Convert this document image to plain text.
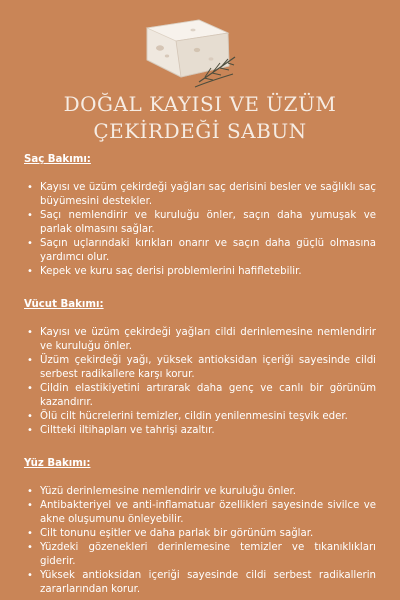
DOĞAL KAYISI VE ÜZÜM
ÇEKİRDEĞİ SABUN
Saç Bakımı:
• Kayısı ve üzüm çekirdeği yağları saç derisini besler ve sağlıklı saç büyümesini destekler.
• Saçı nemlendirir ve kuruluğu önler, saçın daha yumuşak ve parlak olmasını sağlar.
• Saçın uçlarındaki kırıkları onarır ve saçın daha güçlü olmasına yardımcı olur.
• Kepek ve kuru saç derisi problemlerini hafifletebilir.
Vücut Bakımı:
• Kayısı ve üzüm çekirdeği yağları cildi derinlemesine nemlendirir ve kuruluğu önler.
• Üzüm çekirdeği yağı, yüksek antioksidan içeriği sayesinde cildi serbest radikallere karşı korur.
• Cildin elastikiyetini artırarak daha genç ve canlı bir görünüm kazandırır.
• Ölü cilt hücrelerini temizler, cildin yenilenmesini teşvik eder.
• Ciltteki iltihapları ve tahrişi azaltır.
Yüz Bakımı:
• Yüzü derinlemesine nemlendirir ve kuruluğu önler.
• Antibakteriyel ve anti-inflamatuar özellikleri sayesinde sivilce ve akne oluşumunu önleyebilir.
• Cilt tonunu eşitler ve daha parlak bir görünüm sağlar.
• Yüzdeki gözenekleri derinlemesine temizler ve tıkanıklıkları giderir.
• Yüksek antioksidan içeriği sayesinde cildi serbest radikallerin zararlarından korur.
